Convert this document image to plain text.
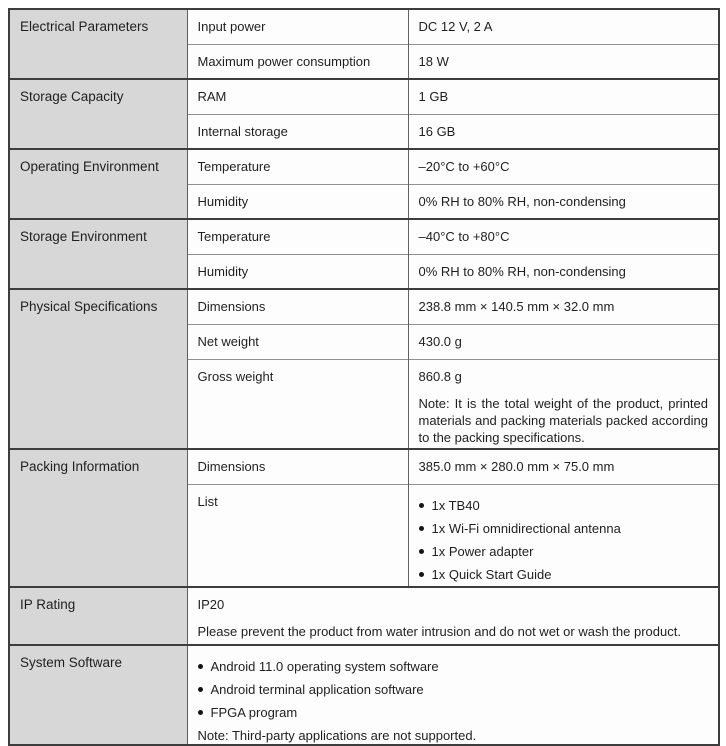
Electrical Parameters	Input power	DC 12 V, 2 A
	Maximum power consumption	18 W
Storage Capacity	RAM	1 GB
	Internal storage	16 GB
Operating Environment	Temperature	–20°C to +60°C
	Humidity	0% RH to 80% RH, non-condensing
Storage Environment	Temperature	–40°C to +80°C
	Humidity	0% RH to 80% RH, non-condensing
Physical Specifications	Dimensions	238.8 mm × 140.5 mm × 32.0 mm
	Net weight	430.0 g
	Gross weight	860.8 g
Note: It is the total weight of the product, printed materials and packing materials packed according to the packing specifications.

Packing Information	Dimensions	385.0 mm × 280.0 mm × 75.0 mm
List	1x TB40
1x Wi-Fi omnidirectional antenna
1x Power adapter
1x Quick Start Guide

IP Rating	IP20
Please prevent the product from water intrusion and do not wet or wash the product.	

System Software	Android 11.0 operating system software
Android terminal application software
FPGA program
Note: Third-party applications are not supported.
